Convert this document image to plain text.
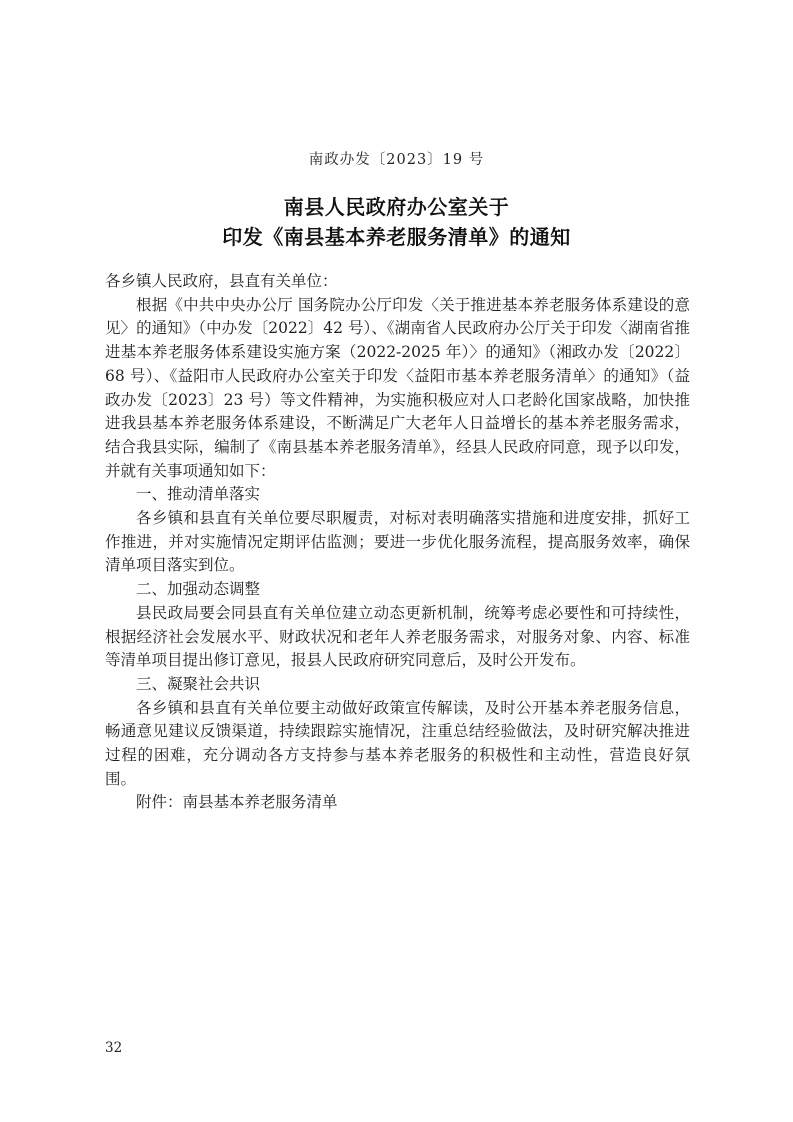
南政办发〔2023〕19 号
南县人民政府办公室关于
印发《南县基本养老服务清单》的通知

各乡镇人民政府，县直有关单位：

根据《中共中央办公厅 国务院办公厅印发〈关于推进基本养老服务体系建设的意见〉的通知》（中办发〔2022〕42 号）、《湖南省人民政府办公厅关于印发〈湖南省推进基本养老服务体系建设实施方案（2022-2025 年）〉的通知》（湘政办发〔2022〕68 号）、《益阳市人民政府办公室关于印发〈益阳市基本养老服务清单〉的通知》（益政办发〔2023〕23 号）等文件精神，为实施积极应对人口老龄化国家战略，加快推进我县基本养老服务体系建设，不断满足广大老年人日益增长的基本养老服务需求，结合我县实际，编制了《南县基本养老服务清单》，经县人民政府同意，现予以印发，并就有关事项通知如下：

一、推动清单落实

各乡镇和县直有关单位要尽职履责，对标对表明确落实措施和进度安排，抓好工作推进，并对实施情况定期评估监测；要进一步优化服务流程，提高服务效率，确保清单项目落实到位。

二、加强动态调整

县民政局要会同县直有关单位建立动态更新机制，统筹考虑必要性和可持续性，根据经济社会发展水平、财政状况和老年人养老服务需求，对服务对象、内容、标准等清单项目提出修订意见，报县人民政府研究同意后，及时公开发布。

三、凝聚社会共识

各乡镇和县直有关单位要主动做好政策宣传解读，及时公开基本养老服务信息，畅通意见建议反馈渠道，持续跟踪实施情况，注重总结经验做法，及时研究解决推进过程的困难，充分调动各方支持参与基本养老服务的积极性和主动性，营造良好氛围。

附件：南县基本养老服务清单

32
